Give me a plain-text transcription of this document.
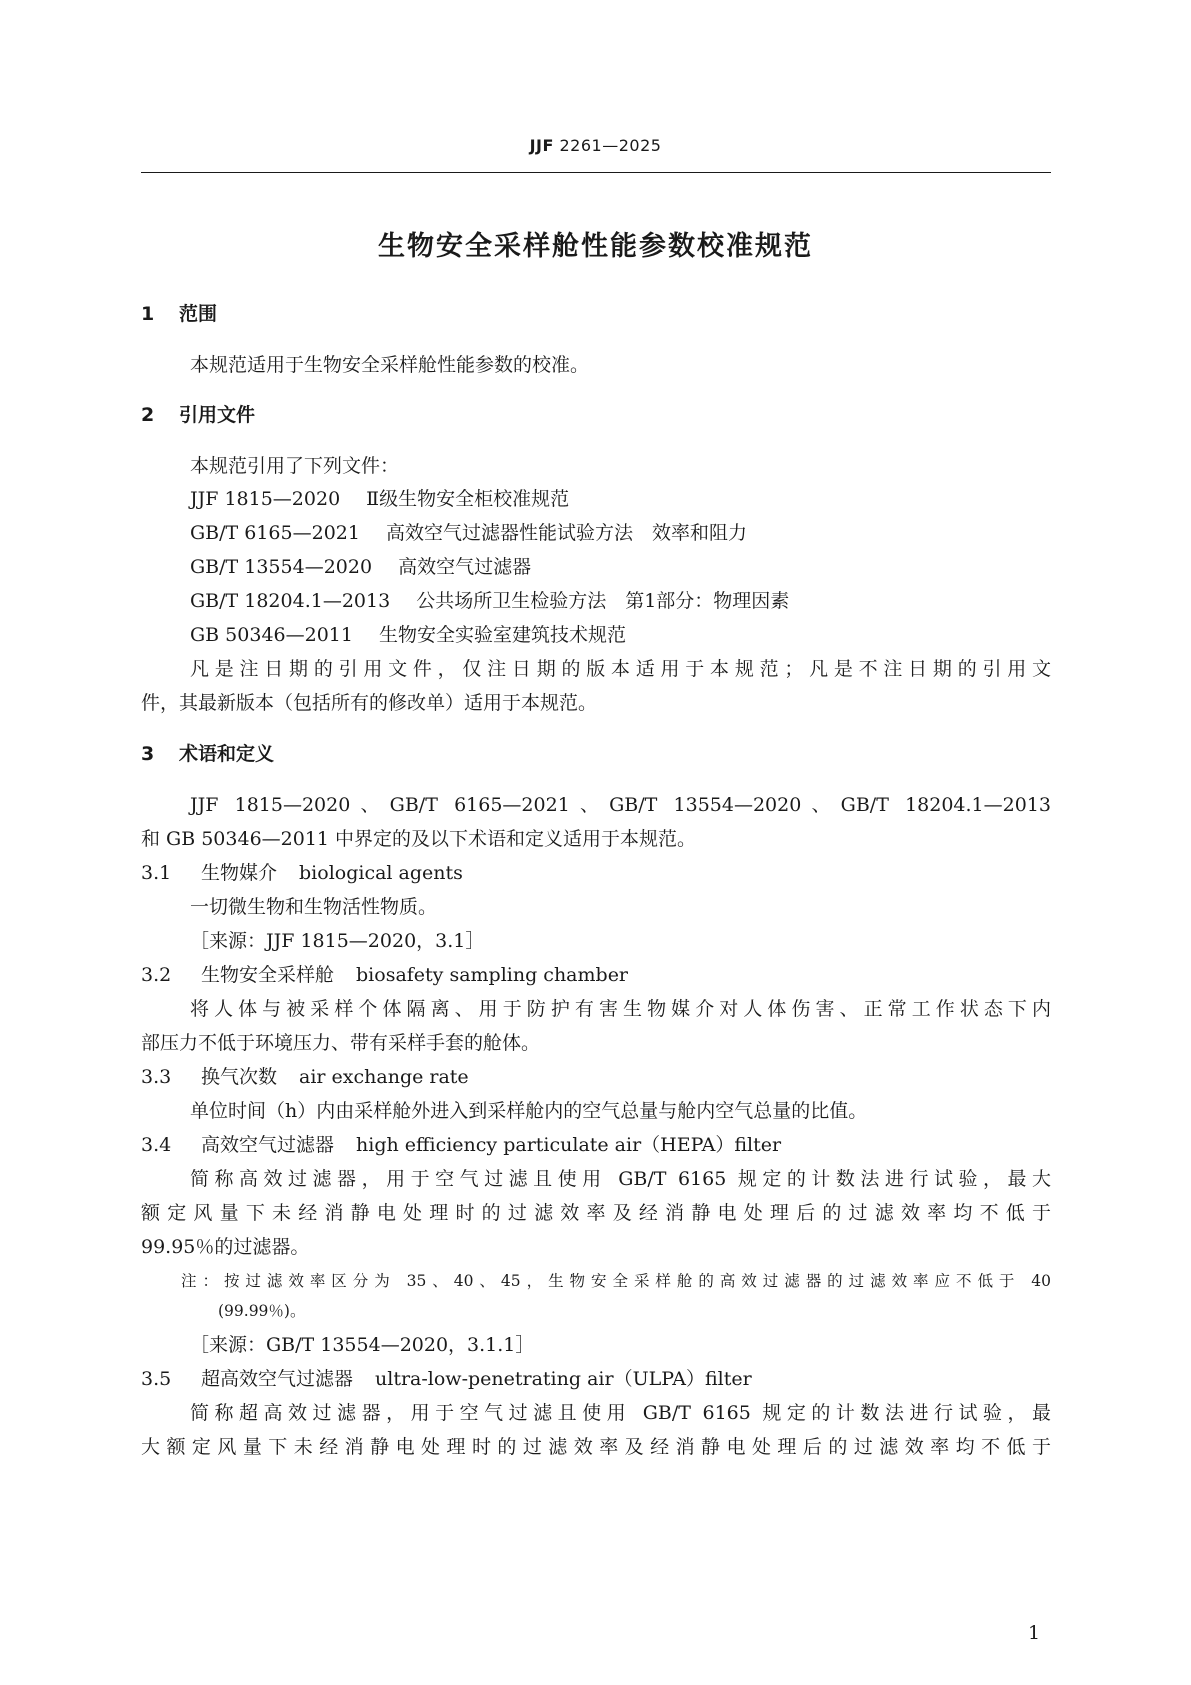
JJF 2261—2025
生物安全采样舱性能参数校准规范
1 范围
本规范适用于生物安全采样舱性能参数的校准。
2 引用文件
本规范引用了下列文件：
JJF 1815—2020 Ⅱ级生物安全柜校准规范
GB/T 6165—2021 高效空气过滤器性能试验方法　效率和阻力
GB/T 13554—2020 高效空气过滤器
GB/T 18204.1—2013 公共场所卫生检验方法　第1部分：物理因素
GB 50346—2011 生物安全实验室建筑技术规范
凡是注日期的引用文件，仅注日期的版本适用于本规范；凡是不注日期的引用文
件，其最新版本（包括所有的修改单）适用于本规范。
3 术语和定义
JJF 1815—2020、GB/T 6165—2021、GB/T 13554—2020、GB/T 18204.1—2013
和 GB 50346—2011 中界定的及以下术语和定义适用于本规范。
3.1 生物媒介 biological agents
一切微生物和生物活性物质。
［来源：JJF 1815—2020，3.1］
3.2 生物安全采样舱 biosafety sampling chamber
将人体与被采样个体隔离、用于防护有害生物媒介对人体伤害、正常工作状态下内
部压力不低于环境压力、带有采样手套的舱体。
3.3 换气次数 air exchange rate
单位时间（h）内由采样舱外进入到采样舱内的空气总量与舱内空气总量的比值。
3.4 高效空气过滤器 high efficiency particulate air（HEPA）filter
简称高效过滤器，用于空气过滤且使用 GB/T 6165 规定的计数法进行试验，最大
额定风量下未经消静电处理时的过滤效率及经消静电处理后的过滤效率均不低于
99.95％的过滤器。
注：按过滤效率区分为 35、40、45，生物安全采样舱的高效过滤器的过滤效率应不低于 40
(99.99％)。
［来源：GB/T 13554—2020，3.1.1］
3.5 超高效空气过滤器 ultra-low-penetrating air（ULPA）filter
简称超高效过滤器，用于空气过滤且使用 GB/T 6165 规定的计数法进行试验，最
大额定风量下未经消静电处理时的过滤效率及经消静电处理后的过滤效率均不低于
1
